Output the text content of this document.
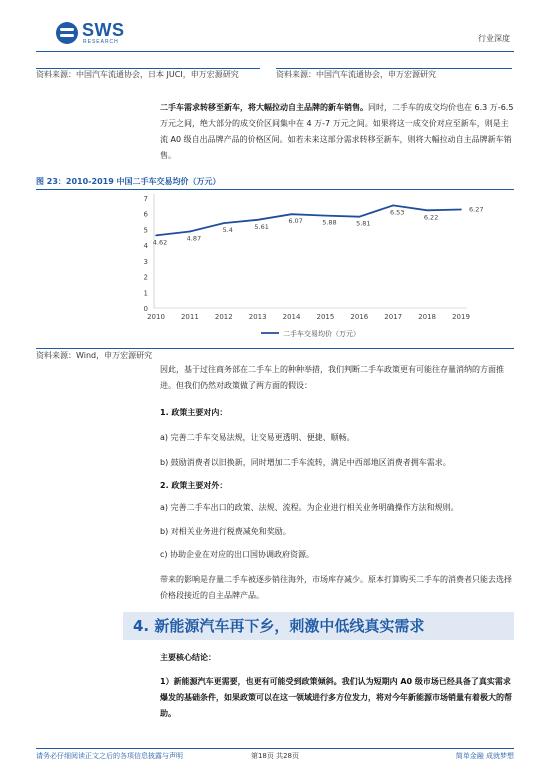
SWS
RESEARCH	行业深度
资料来源：中国汽车流通协会，日本 JUCI，申万宏源研究	资料来源：中国汽车流通协会，申万宏源研究
二手车需求转移至新车，将大幅拉动自主品牌的新车销售。同时，二手车的成交均价也在 6.3 万-6.5 万元之间，绝大部分的成交价区间集中在 4 万-7 万元之间。如果将这一成交价对应至新车，则是主流 A0 级自出品牌产品的价格区间。如若未来这部分需求转移至新车，则将大幅拉动自主品牌新车销售。
图 23：2010-2019 中国二手车交易均价（万元）
0
1
2
3
4
5
6
7
2010 2011 2012 2013 2014 2015 2016 2017 2018 2019
4.62	4.87
5.4	5.61
6.07	5.88	5.81
6.53
6.22
6.27
二手车交易均价（万元）
资料来源：Wind，申万宏源研究
因此，基于过往商务部在二手车上的种种举措，我们判断二手车政策更有可能往存量消纳的方面推进。但我们仍然对政策做了两方面的假设：
1. 政策主要对内：
a) 完善二手车交易法规，让交易更透明、便捷、顺畅。
b) 鼓励消费者以旧换新，同时增加二手车流转，满足中西部地区消费者拥车需求。
2. 政策主要对外：
a) 完善二手车出口的政策、法规、流程。为企业进行相关业务明确操作方法和规则。
b) 对相关业务进行税费减免和奖励。
c) 协助企业在对应的出口国协调政府资源。
带来的影响是存量二手车被逐步销往海外，市场库存减少。原本打算购买二手车的消费者只能去选择价格段接近的自主品牌产品。
4. 新能源汽车再下乡，刺激中低线真实需求
主要核心结论：
1）新能源汽车更需要，也更有可能受到政策倾斜。我们认为短期内 A0 级市场已经具备了真实需求爆发的基础条件，如果政策可以在这一领域进行多方位发力，将对今年新能源市场销量有着极大的帮助。
请务必仔细阅读正文之后的各项信息披露与声明	第18页 共28页	简单金融 成就梦想
